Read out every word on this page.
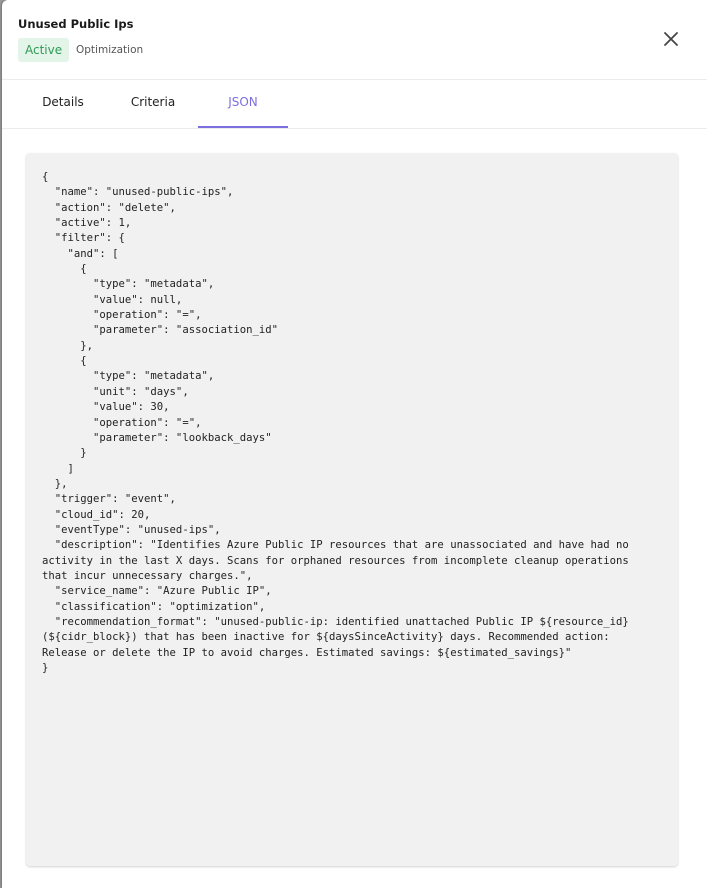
Unused Public Ips
Active	Optimization
Details	Criteria	JSON
{
"name": "unused-public-ips",
"action": "delete",
"active": 1,
"filter": {
"and": [
{
"type": "metadata",
"value": null,
"operation": "=",
"parameter": "association_id"
},
{
"type": "metadata",
"unit": "days",
"value": 30,
"operation": "=",
"parameter": "lookback_days"
}
]
},
"trigger": "event",
"cloud_id": 20,
"eventType": "unused-ips",
"description": "Identifies Azure Public IP resources that are unassociated and have had no
activity in the last X days. Scans for orphaned resources from incomplete cleanup operations
that incur unnecessary charges.",
"service_name": "Azure Public IP",
"classification": "optimization",
"recommendation_format": "unused-public-ip: identified unattached Public IP ${resource_id}
(${cidr_block}) that has been inactive for ${daysSinceActivity} days. Recommended action:
Release or delete the IP to avoid charges. Estimated savings: ${estimated_savings}"
}
